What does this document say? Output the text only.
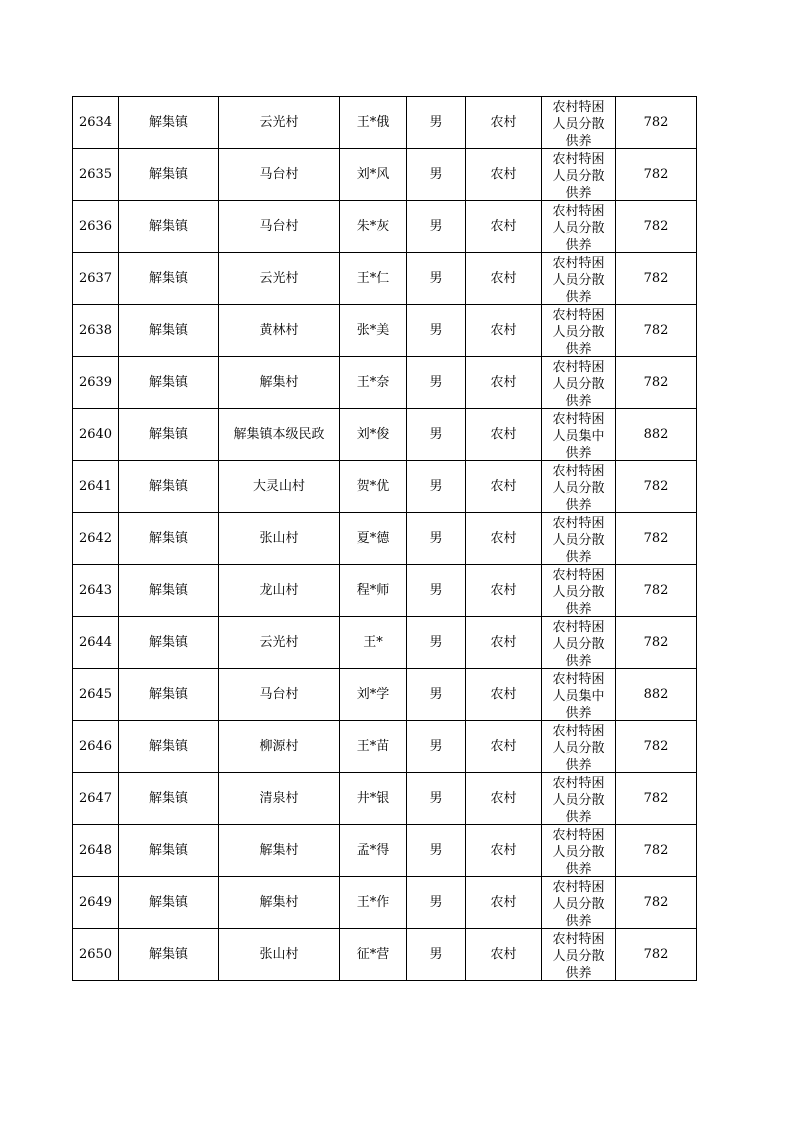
2634	解集镇	云光村	王*俄	男	农村	农村特困人员分散供养	782
2635	解集镇	马台村	刘*风	男	农村	农村特困人员分散供养	782
2636	解集镇	马台村	朱*灰	男	农村	农村特困人员分散供养	782
2637	解集镇	云光村	王*仁	男	农村	农村特困人员分散供养	782
2638	解集镇	黄林村	张*美	男	农村	农村特困人员分散供养	782
2639	解集镇	解集村	王*奈	男	农村	农村特困人员分散供养	782
2640	解集镇	解集镇本级民政	刘*俊	男	农村	农村特困人员集中供养	882
2641	解集镇	大灵山村	贺*优	男	农村	农村特困人员分散供养	782
2642	解集镇	张山村	夏*德	男	农村	农村特困人员分散供养	782
2643	解集镇	龙山村	程*师	男	农村	农村特困人员分散供养	782
2644	解集镇	云光村	王*	男	农村	农村特困人员分散供养	782
2645	解集镇	马台村	刘*学	男	农村	农村特困人员集中供养	882
2646	解集镇	柳源村	王*苗	男	农村	农村特困人员分散供养	782
2647	解集镇	清泉村	井*银	男	农村	农村特困人员分散供养	782
2648	解集镇	解集村	孟*得	男	农村	农村特困人员分散供养	782
2649	解集镇	解集村	王*作	男	农村	农村特困人员分散供养	782
2650	解集镇	张山村	征*营	男	农村	农村特困人员分散供养	782
